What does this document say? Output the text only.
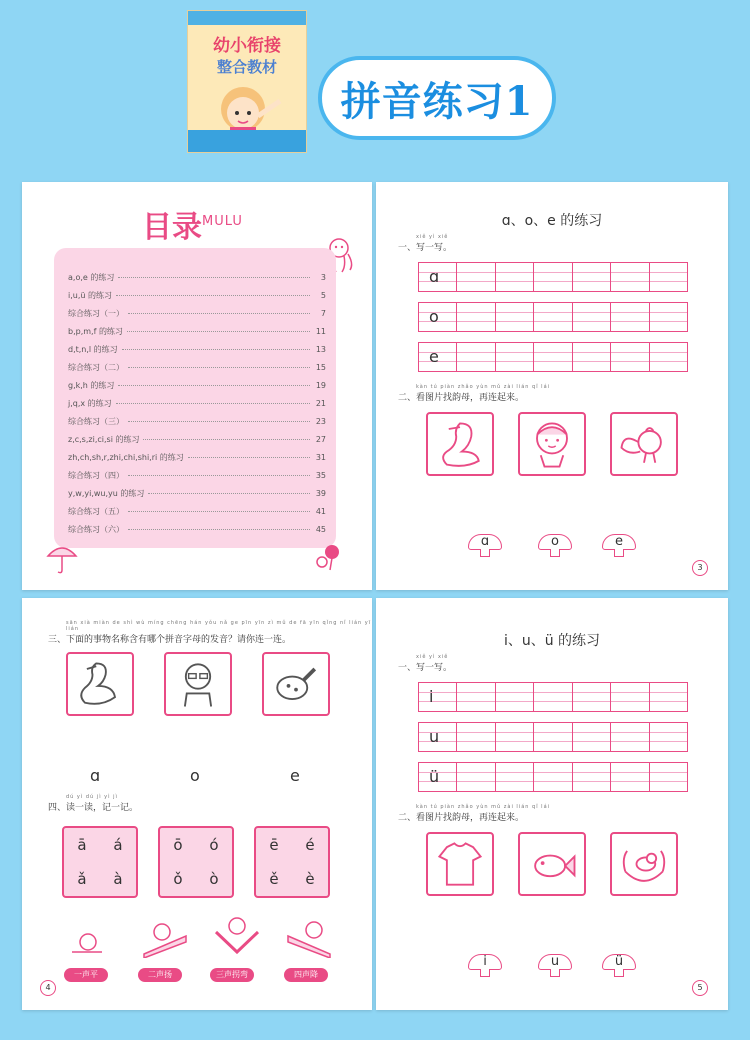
幼小衔接
整合教材
拼音练习1
目录 MULU
a,o,e 的练习	3
i,u,ü 的练习	5
综合练习（一）	7
b,p,m,f 的练习	11
d,t,n,l 的练习	13
综合练习（二）	15
g,k,h 的练习	19
j,q,x 的练习	21
综合练习（三）	23
z,c,s,zi,ci,si 的练习	27
zh,ch,sh,r,zhi,chi,shi,ri 的练习	31
综合练习（四）	35
y,w,yi,wu,yu 的练习	39
综合练习（五）	41
综合练习（六）	45
ɑ、o、e 的练习
xiě yì xiě
一、写一写。
ɑ
o
e
kàn tú piàn zhǎo yùn mǔ zài lián qǐ lái
二、看图片找韵母，再连起来。
ɑ	o	e
3
sān xià miàn de shì wù míng chēng hán yǒu nǎ ge pīn yīn zì mǔ de fā yīn qǐng nǐ lián yī lián
三、下面的事物名称含有哪个拼音字母的发音？请你连一连。
ɑ	o	e
dú yì dú jì yì jì
四、读一读，记一记。
ā	á
ǎ	à
ō	ó
ǒ	ò
ē	é
ě	è
一声平	二声扬	三声拐弯	四声降
4
i、u、ü 的练习
xiě yì xiě
一、写一写。
i
u
ü
kàn tú piàn zhǎo yùn mǔ zài lián qǐ lái
二、看图片找韵母，再连起来。
i	u	ü
5
